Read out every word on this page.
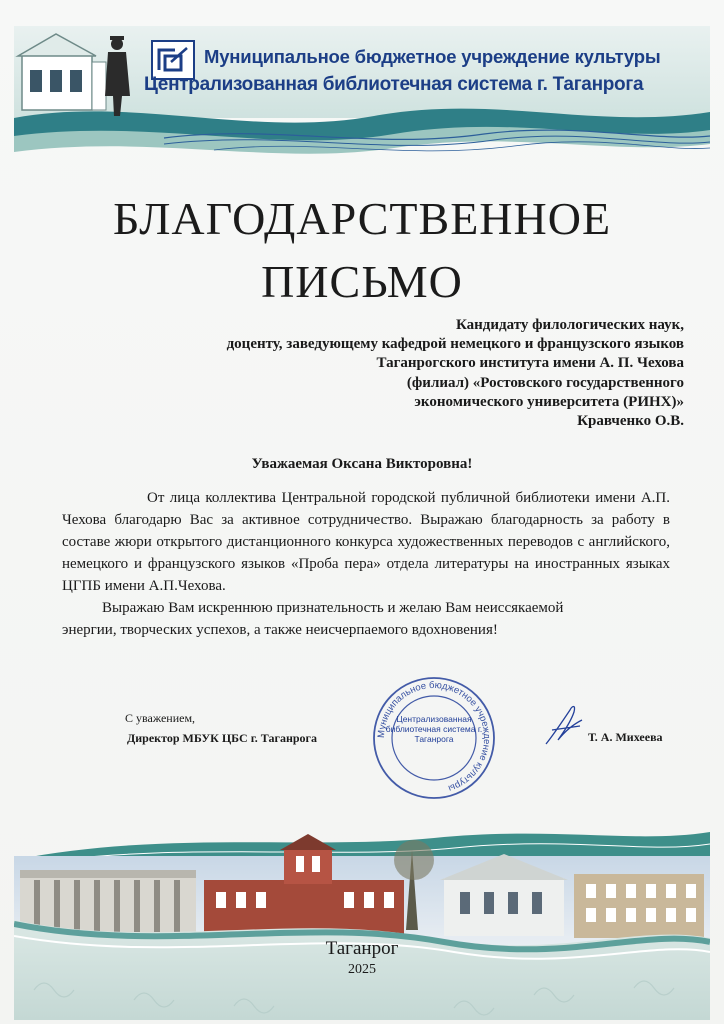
Муниципальное бюджетное учреждение культуры
Централизованная библиотечная система г. Таганрога
БЛАГОДАРСТВЕННОЕ
ПИСЬМО
Кандидату филологических наук,
доценту, заведующему кафедрой немецкого и французского языков
Таганрогского института имени А. П. Чехова
(филиал) «Ростовского государственного
экономического университета (РИНХ)»
Кравченко О.В.
Уважаемая Оксана Викторовна!

От лица коллектива Центральной городской публичной библиотеки имени А.П. Чехова благодарю Вас за активное сотрудничество. Выражаю благодарность за работу в составе жюри открытого дистанционного конкурса художественных переводов с английского, немецкого и французского языков «Проба пера» отдела литературы на иностранных языках ЦГПБ имени А.П.Чехова.

Выражаю Вам искреннюю признательность и желаю Вам неиссякаемой

энергии, творческих успехов, а также неисчерпаемого вдохновения!

С уважением,
Директор МБУК ЦБС г. Таганрога	Муниципальное бюджетное учреждение культуры
Централизованная библиотечная система г. Таганрога	Т. А. Михеева
Таганрог
2025
